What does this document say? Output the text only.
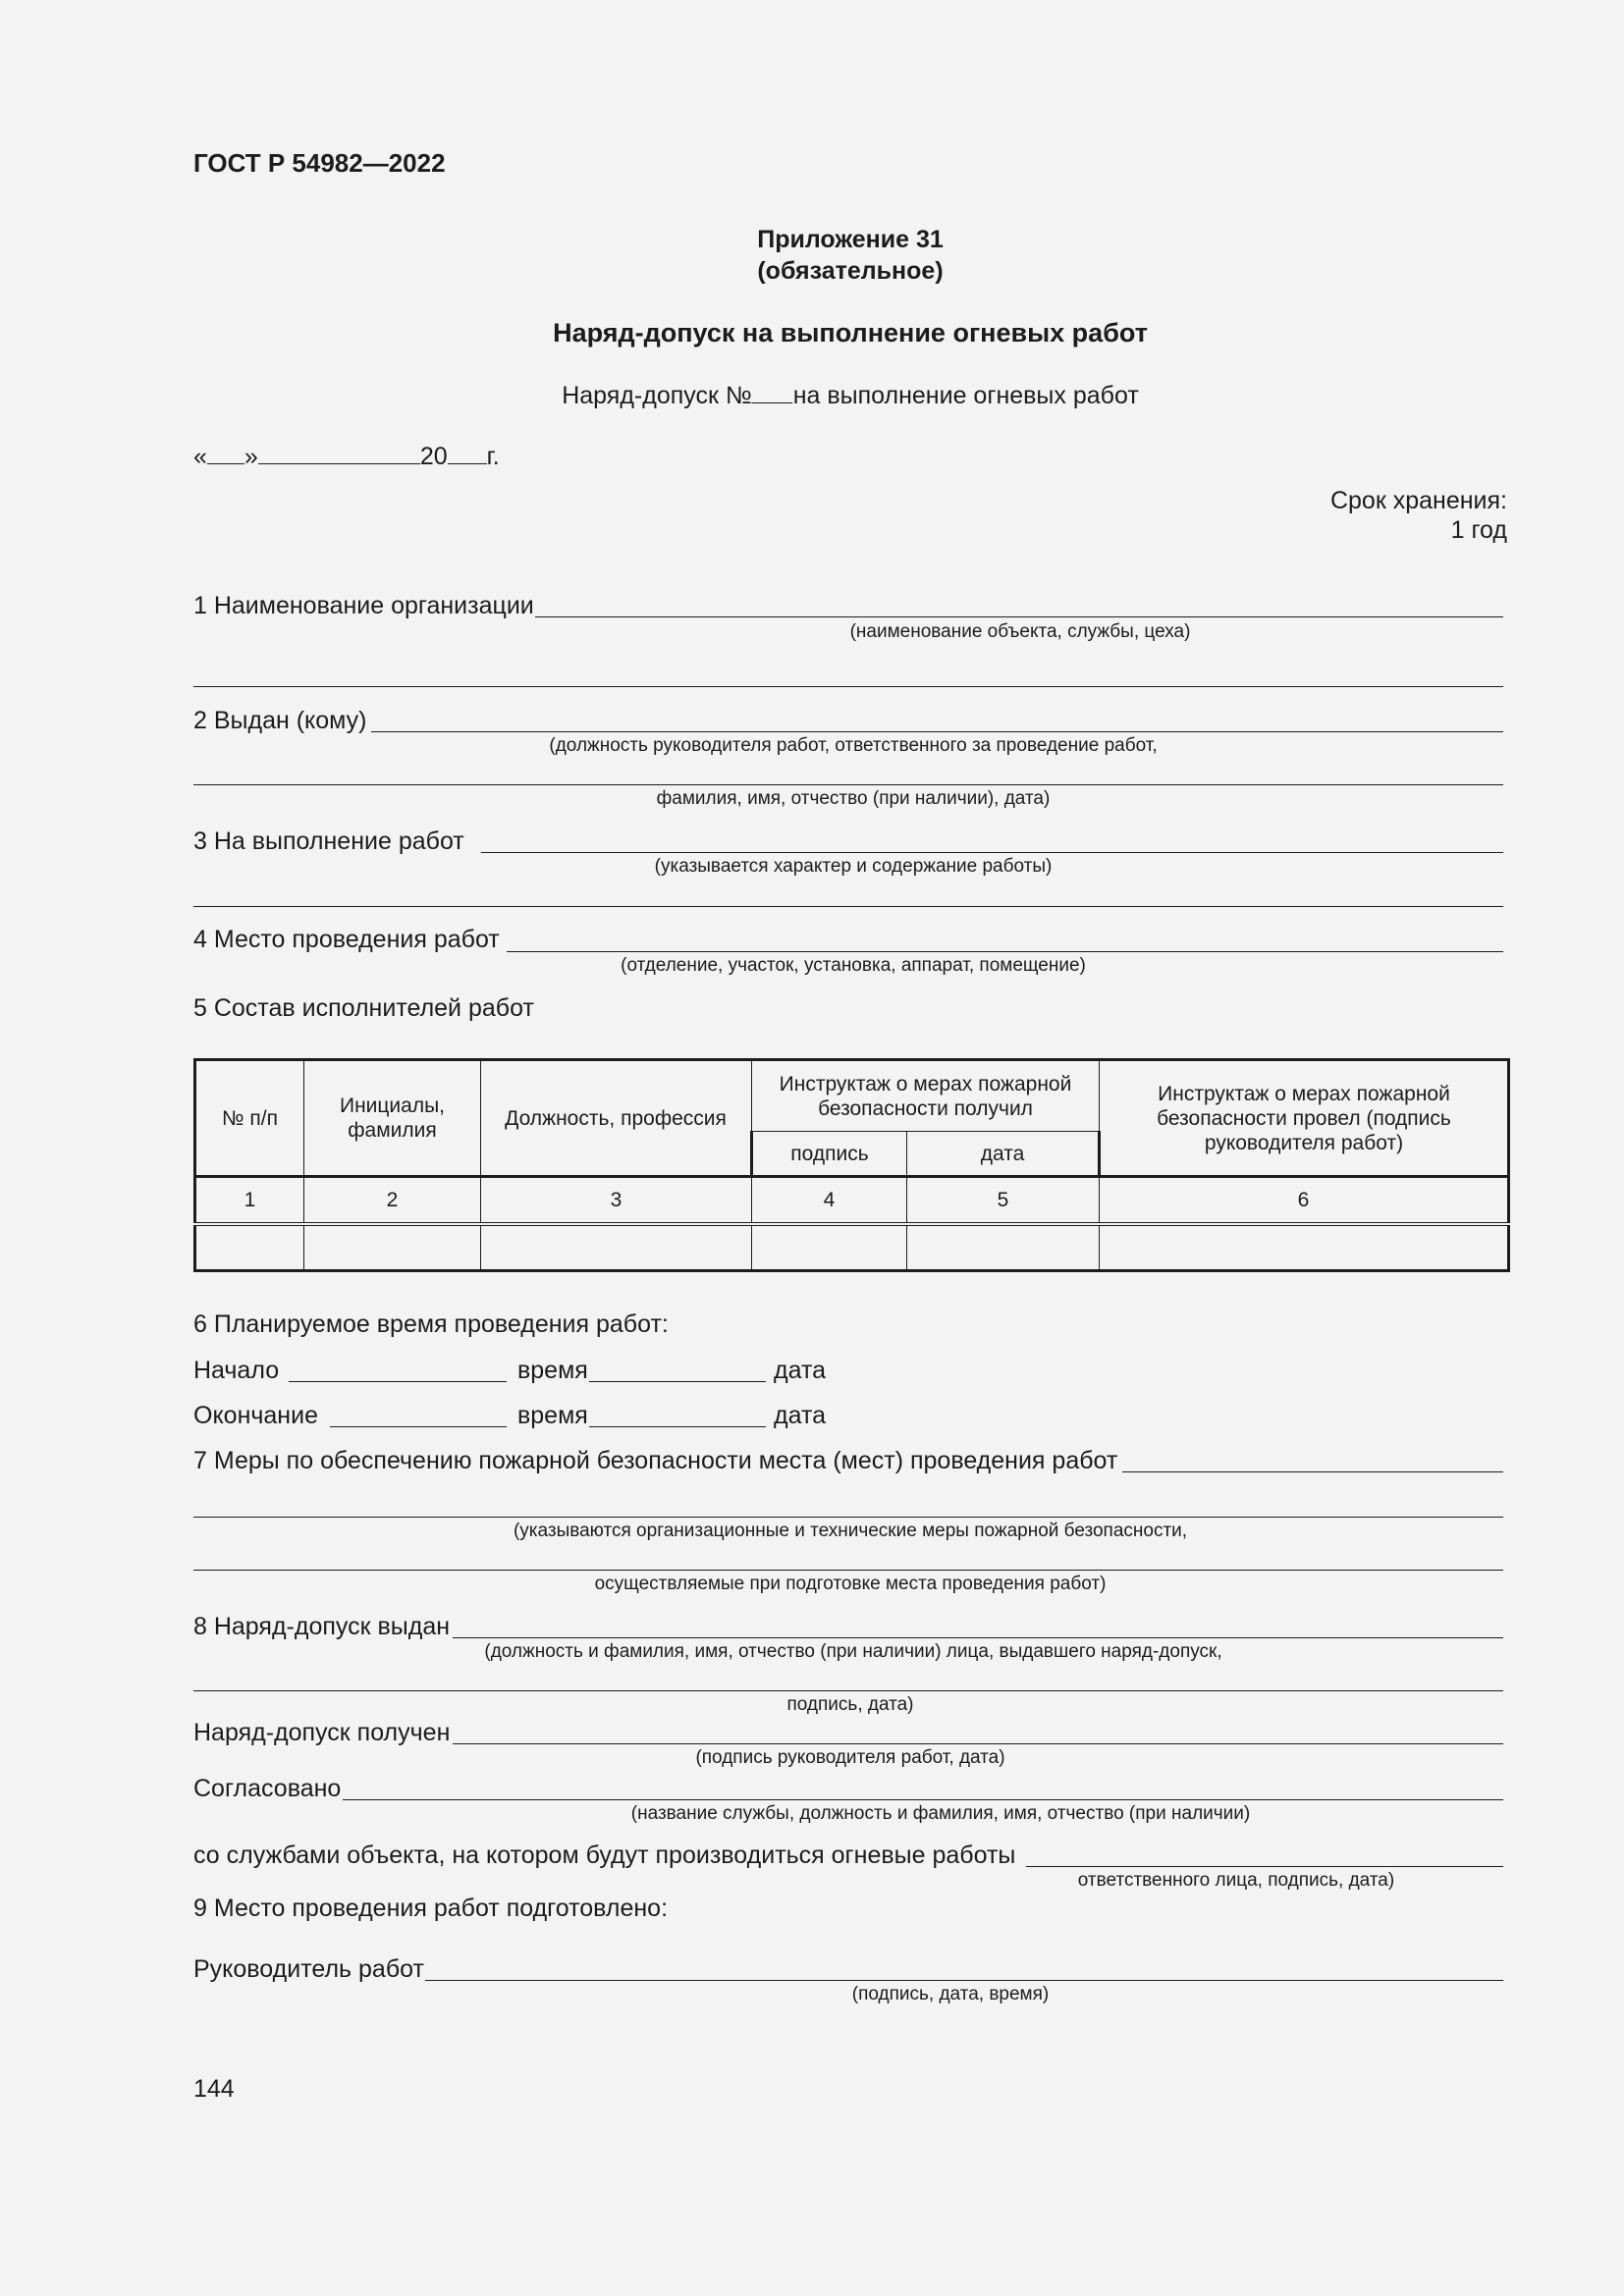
ГОСТ Р 54982—2022
Приложение 31
(обязательное)
Наряд-допуск на выполнение огневых работ
Наряд-допуск № на выполнение огневых работ
« »	20 г.
Срок хранения:
1 год
1 Наименование организации
(наименование объекта, службы, цеха)
2 Выдан (кому)
(должность руководителя работ, ответственного за проведение работ,
фамилия, имя, отчество (при наличии), дата)
3 На выполнение работ
(указывается характер и содержание работы)
4 Место проведения работ
(отделение, участок, установка, аппарат, помещение)
5 Состав исполнителей работ
№ п/п	Инициалы, фамилия	Должность, профессия	Инструктаж о мерах пожарной безопасности получил		Инструктаж о мерах пожарной безопасности провел (подпись руководителя работ)
			подпись	дата	
1	2	3	4	5	6

6 Планируемое время проведения работ:
Начало	время	дата
Окончание	время	дата
7 Меры по обеспечению пожарной безопасности места (мест) проведения работ
(указываются организационные и технические меры пожарной безопасности,
осуществляемые при подготовке места проведения работ)
8 Наряд-допуск выдан
(должность и фамилия, имя, отчество (при наличии) лица, выдавшего наряд-допуск,
подпись, дата)
Наряд-допуск получен
(подпись руководителя работ, дата)
Согласовано
(название службы, должность и фамилия, имя, отчество (при наличии)
со службами объекта, на котором будут производиться огневые работы
ответственного лица, подпись, дата)
9 Место проведения работ подготовлено:
Руководитель работ
(подпись, дата, время)
144
